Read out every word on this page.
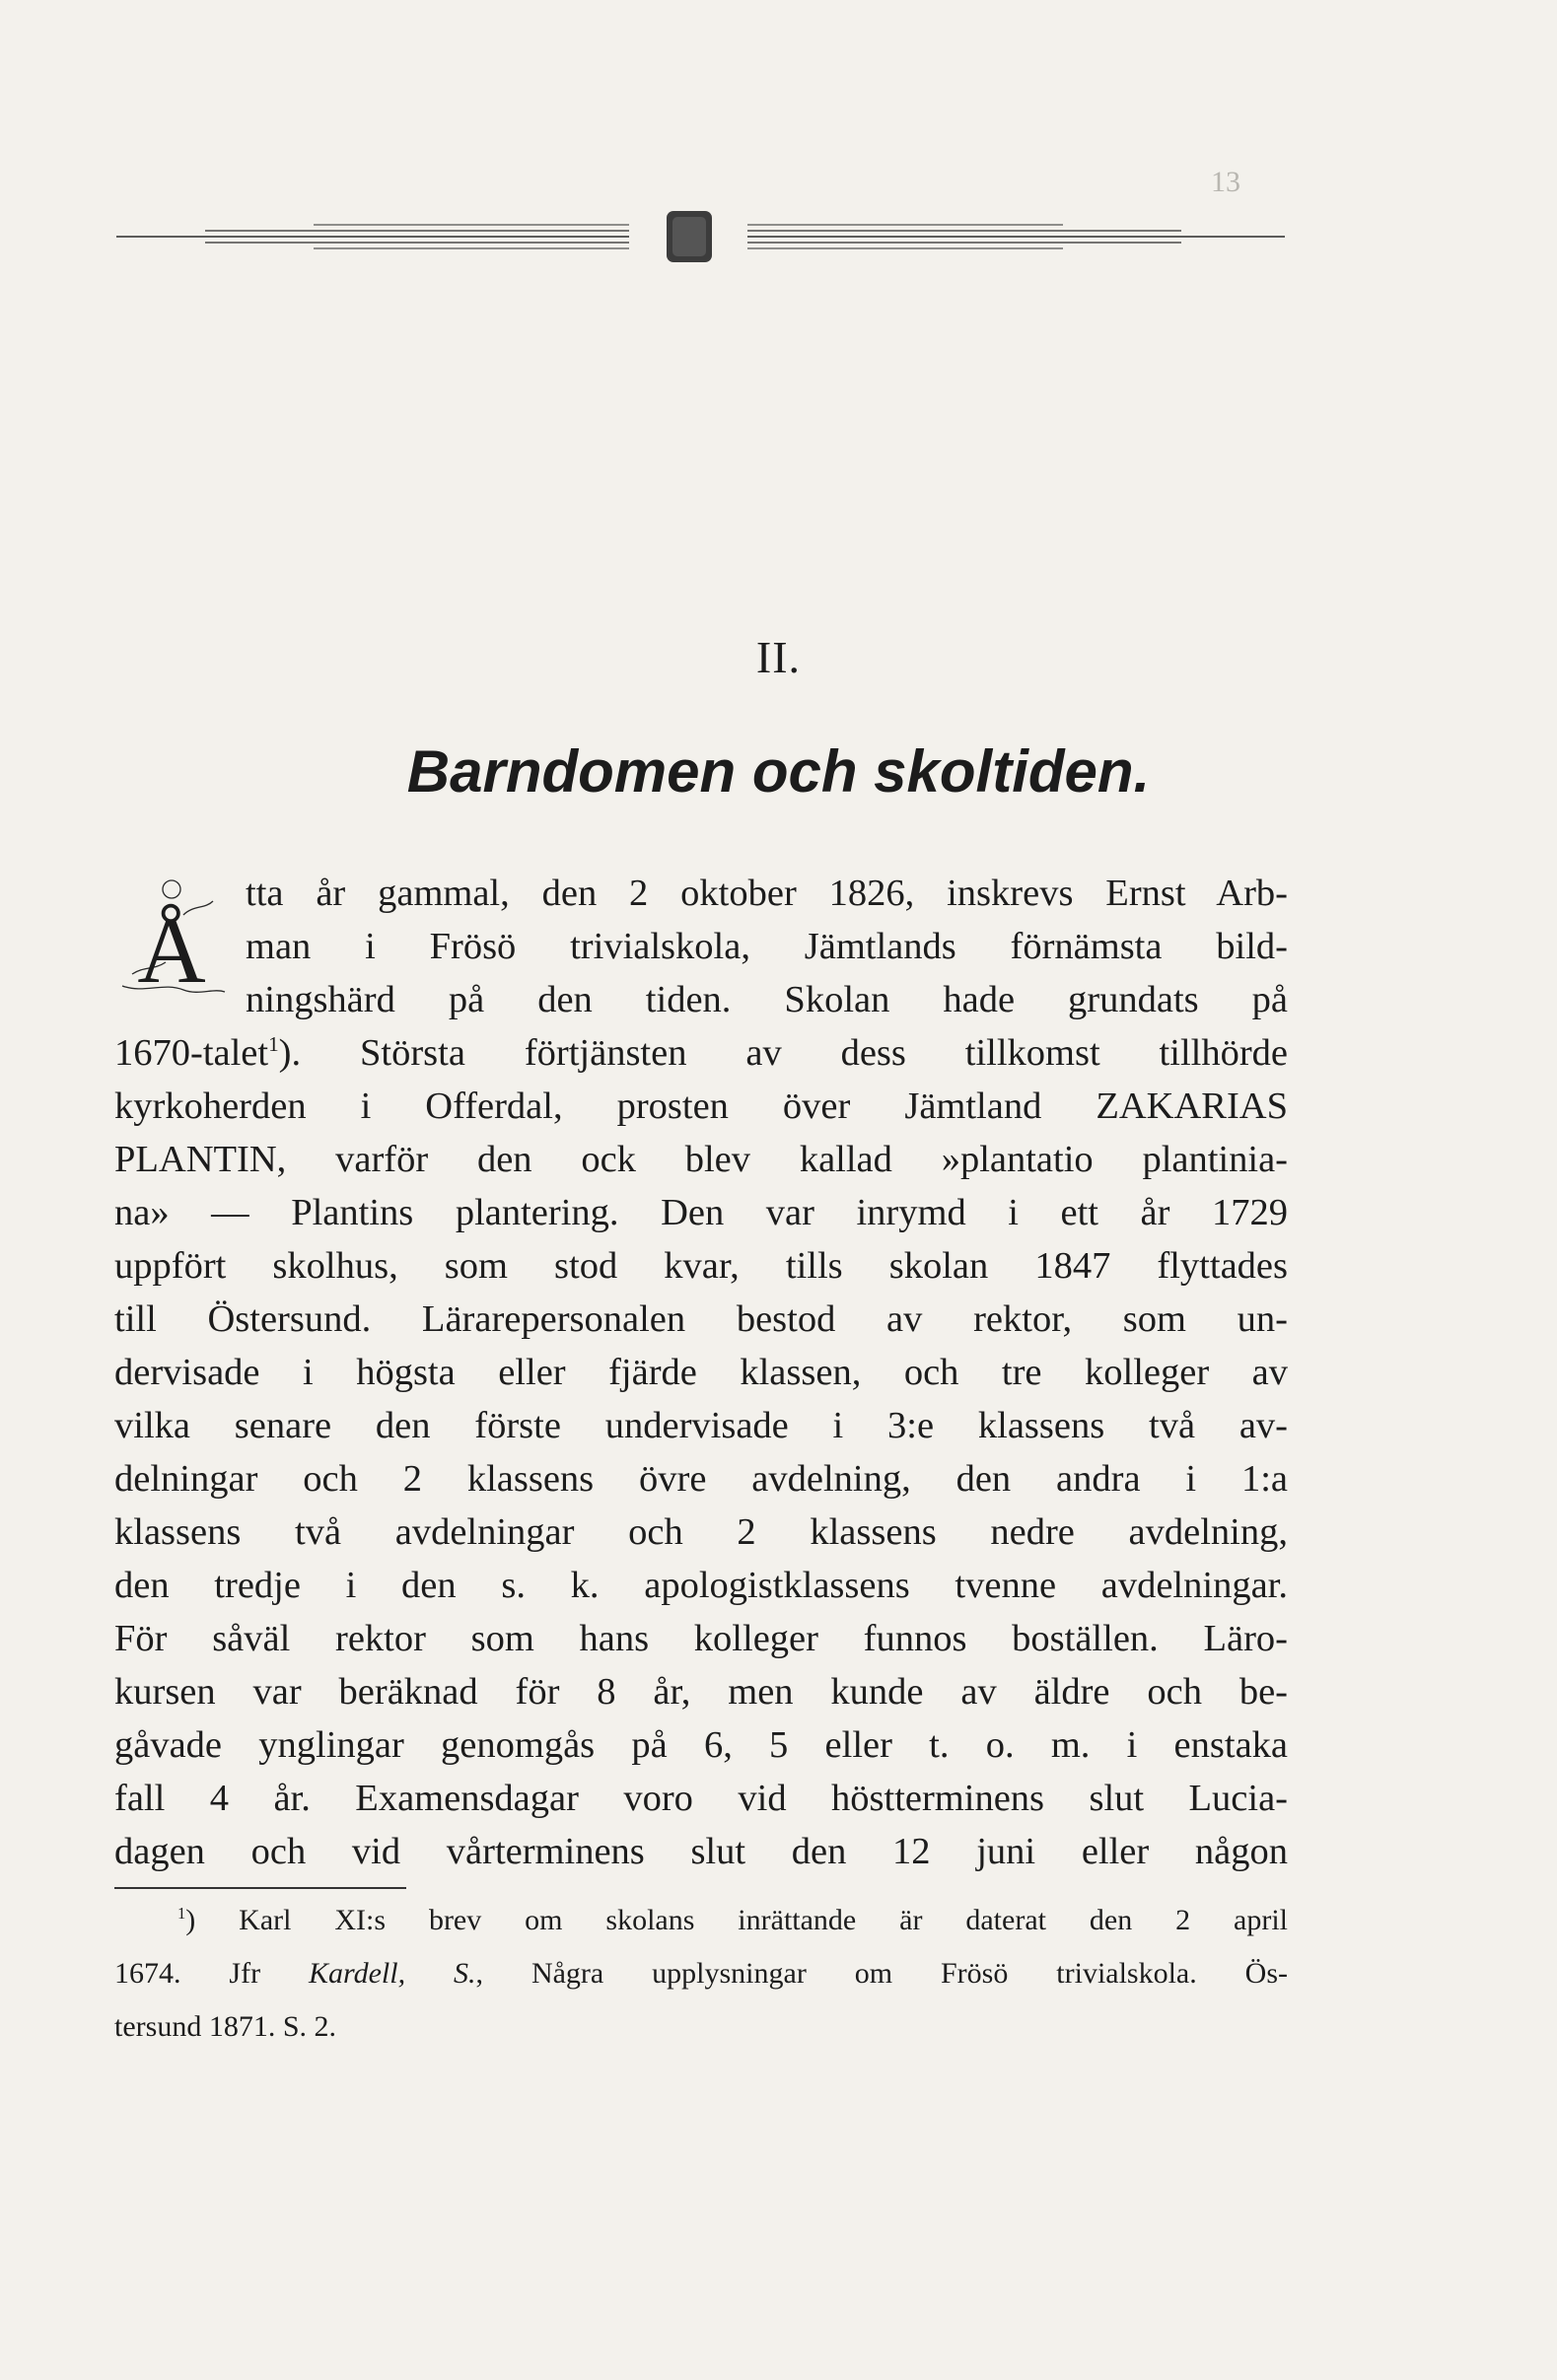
13
II.
Barndomen och skoltiden.
Å
tta år gammal, den 2 oktober 1826, inskrevs Ernst Arb-
man i Frösö trivialskola, Jämtlands förnämsta bild-
ningshärd på den tiden. Skolan hade grundats på
1670-talet$^1$). Största förtjänsten av dess tillkomst tillhörde
kyrkoherden i Offerdal, prosten över Jämtland ZAKARIAS
PLANTIN, varför den ock blev kallad »plantatio plantinia-
na» — Plantins plantering. Den var inrymd i ett år 1729
uppfört skolhus, som stod kvar, tills skolan 1847 flyttades
till Östersund. Lärarepersonalen bestod av rektor, som un-
dervisade i högsta eller fjärde klassen, och tre kolleger av
vilka senare den förste undervisade i 3:e klassens två av-
delningar och 2 klassens övre avdelning, den andra i 1:a
klassens två avdelningar och 2 klassens nedre avdelning,
den tredje i den s. k. apologistklassens tvenne avdelningar.
För såväl rektor som hans kolleger funnos boställen. Läro-
kursen var beräknad för 8 år, men kunde av äldre och be-
gåvade ynglingar genomgås på 6, 5 eller t. o. m. i enstaka
fall 4 år. Examensdagar voro vid höstterminens slut Lucia-
dagen och vid vårterminens slut den 12 juni eller någon
$^1$) Karl XI:s brev om skolans inrättande är daterat den 2 april
1674. Jfr Kardell, S., Några upplysningar om Frösö trivialskola. Ös-
tersund 1871. S. 2.
